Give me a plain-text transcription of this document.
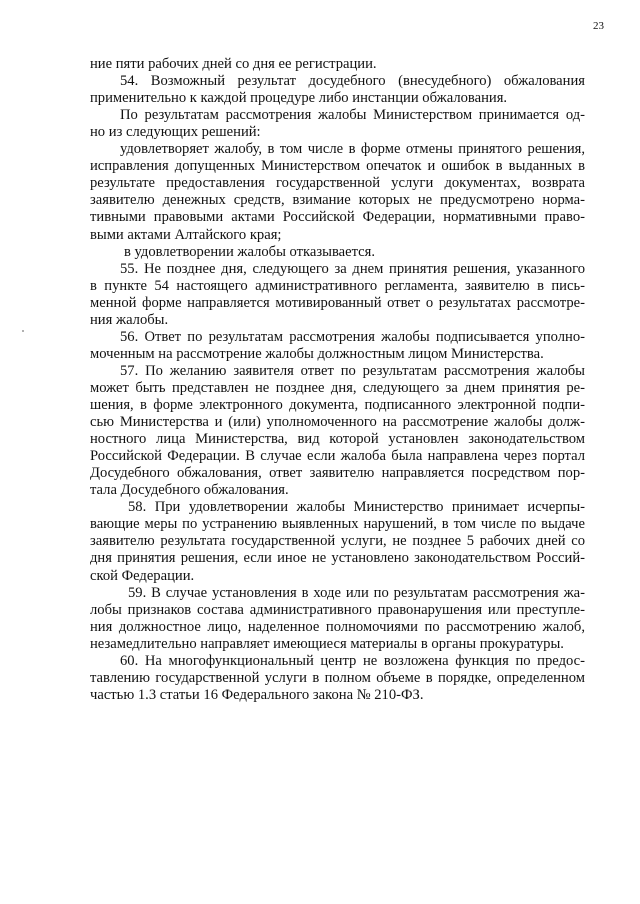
23
ние пяти рабочих дней со дня ее регистрации.
54. Возможный результат досудебного (внесудебного) обжалования
применительно к каждой процедуре либо инстанции обжалования.
По результатам рассмотрения жалобы Министерством принимается од-
но из следующих решений:
удовлетворяет жалобу, в том числе в форме отмены принятого решения,
исправления допущенных Министерством опечаток и ошибок в выданных в
результате предоставления государственной услуги документах, возврата
заявителю денежных средств, взимание которых не предусмотрено норма-
тивными правовыми актами Российской Федерации, нормативными право-
выми актами Алтайского края;
в удовлетворении жалобы отказывается.
55. Не позднее дня, следующего за днем принятия решения, указанного
в пункте 54 настоящего административного регламента, заявителю в пись-
менной форме направляется мотивированный ответ о результатах рассмотре-
ния жалобы.
56. Ответ по результатам рассмотрения жалобы подписывается уполно-
моченным на рассмотрение жалобы должностным лицом Министерства.
57. По желанию заявителя ответ по результатам рассмотрения жалобы
может быть представлен не позднее дня, следующего за днем принятия ре-
шения, в форме электронного документа, подписанного электронной подпи-
сью Министерства и (или) уполномоченного на рассмотрение жалобы долж-
ностного лица Министерства, вид которой установлен законодательством
Российской Федерации. В случае если жалоба была направлена через портал
Досудебного обжалования, ответ заявителю направляется посредством пор-
тала Досудебного обжалования.
58. При удовлетворении жалобы Министерство принимает исчерпы-
вающие меры по устранению выявленных нарушений, в том числе по выдаче
заявителю результата государственной услуги, не позднее 5 рабочих дней со
дня принятия решения, если иное не установлено законодательством Россий-
ской Федерации.
59. В случае установления в ходе или по результатам рассмотрения жа-
лобы признаков состава административного правонарушения или преступле-
ния должностное лицо, наделенное полномочиями по рассмотрению жалоб,
незамедлительно направляет имеющиеся материалы в органы прокуратуры.
60. На многофункциональный центр не возложена функция по предос-
тавлению государственной услуги в полном объеме в порядке, определенном
частью 1.3 статьи 16 Федерального закона № 210-ФЗ.
